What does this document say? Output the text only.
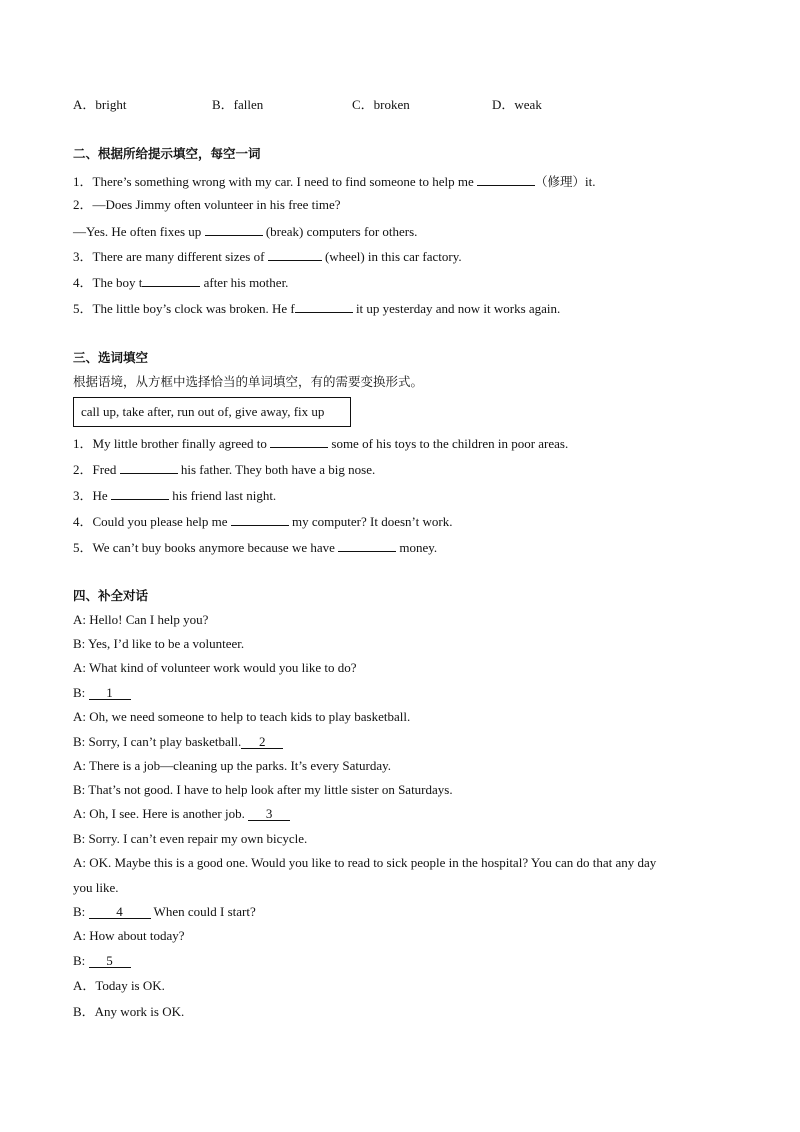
A．bright	B．fallen	C．broken	D．weak
二、根据所给提示填空，每空一词
1．There’s something wrong with my car. I need to find someone to help me	（修理）it.
2．—Does Jimmy often volunteer in his free time?
—Yes. He often fixes up	(break) computers for others.
3．There are many different sizes of	(wheel) in this car factory.
4．The boy t	after his mother.
5．The little boy’s clock was broken. He f	it up yesterday and now it works again.
三、选词填空
根据语境，从方框中选择恰当的单词填空，有的需要变换形式。
call up, take after, run out of, give away, fix up
1．My little brother finally agreed to	some of his toys to the children in poor areas.
2．Fred	his father. They both have a big nose.
3．He	his friend last night.
4．Could you please help me	my computer? It doesn’t work.
5．We can’t buy books anymore because we have	money.
四、补全对话
A: Hello! Can I help you?
B: Yes, I’d like to be a volunteer.
A: What kind of volunteer work would you like to do?
B: 1
A: Oh, we need someone to help to teach kids to play basketball.
B: Sorry, I can’t play basketball. 2
A: There is a job—cleaning up the parks. It’s every Saturday.
B: That’s not good. I have to help look after my little sister on Saturdays.
A: Oh, I see. Here is another job. 3
B: Sorry. I can’t even repair my own bicycle.
A: OK. Maybe this is a good one. Would you like to read to sick people in the hospital? You can do that any day
you like.
B: 4 When could I start?
A: How about today?
B: 5
A．Today is OK.
B．Any work is OK.
